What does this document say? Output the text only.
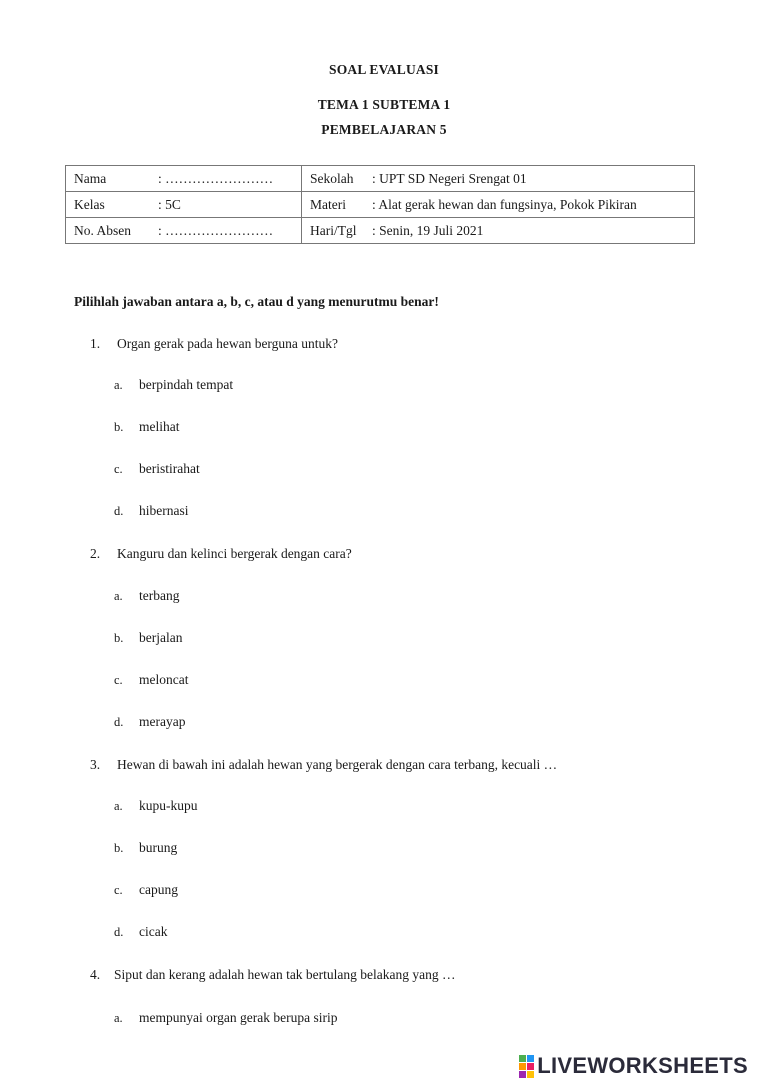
SOAL EVALUASI
TEMA 1 SUBTEMA 1
PEMBELAJARAN 5
Nama : ……………………	Sekolah : UPT SD Negeri Srengat 01
Kelas : 5C	Materi : Alat gerak hewan dan fungsinya, Pokok Pikiran
No. Absen : ……………………	Hari/Tgl : Senin, 19 Juli 2021
Pilihlah jawaban antara a, b, c, atau d yang menurutmu benar!
1. Organ gerak pada hewan berguna untuk?
a. berpindah tempat
b. melihat
c. beristirahat
d. hibernasi
2. Kanguru dan kelinci bergerak dengan cara?
a. terbang
b. berjalan
c. meloncat
d. merayap
3. Hewan di bawah ini adalah hewan yang bergerak dengan cara terbang, kecuali …
a. kupu-kupu
b. burung
c. capung
d. cicak
4. Siput dan kerang adalah hewan tak bertulang belakang yang …
a. mempunyai organ gerak berupa sirip
LIVEWORKSHEETS
